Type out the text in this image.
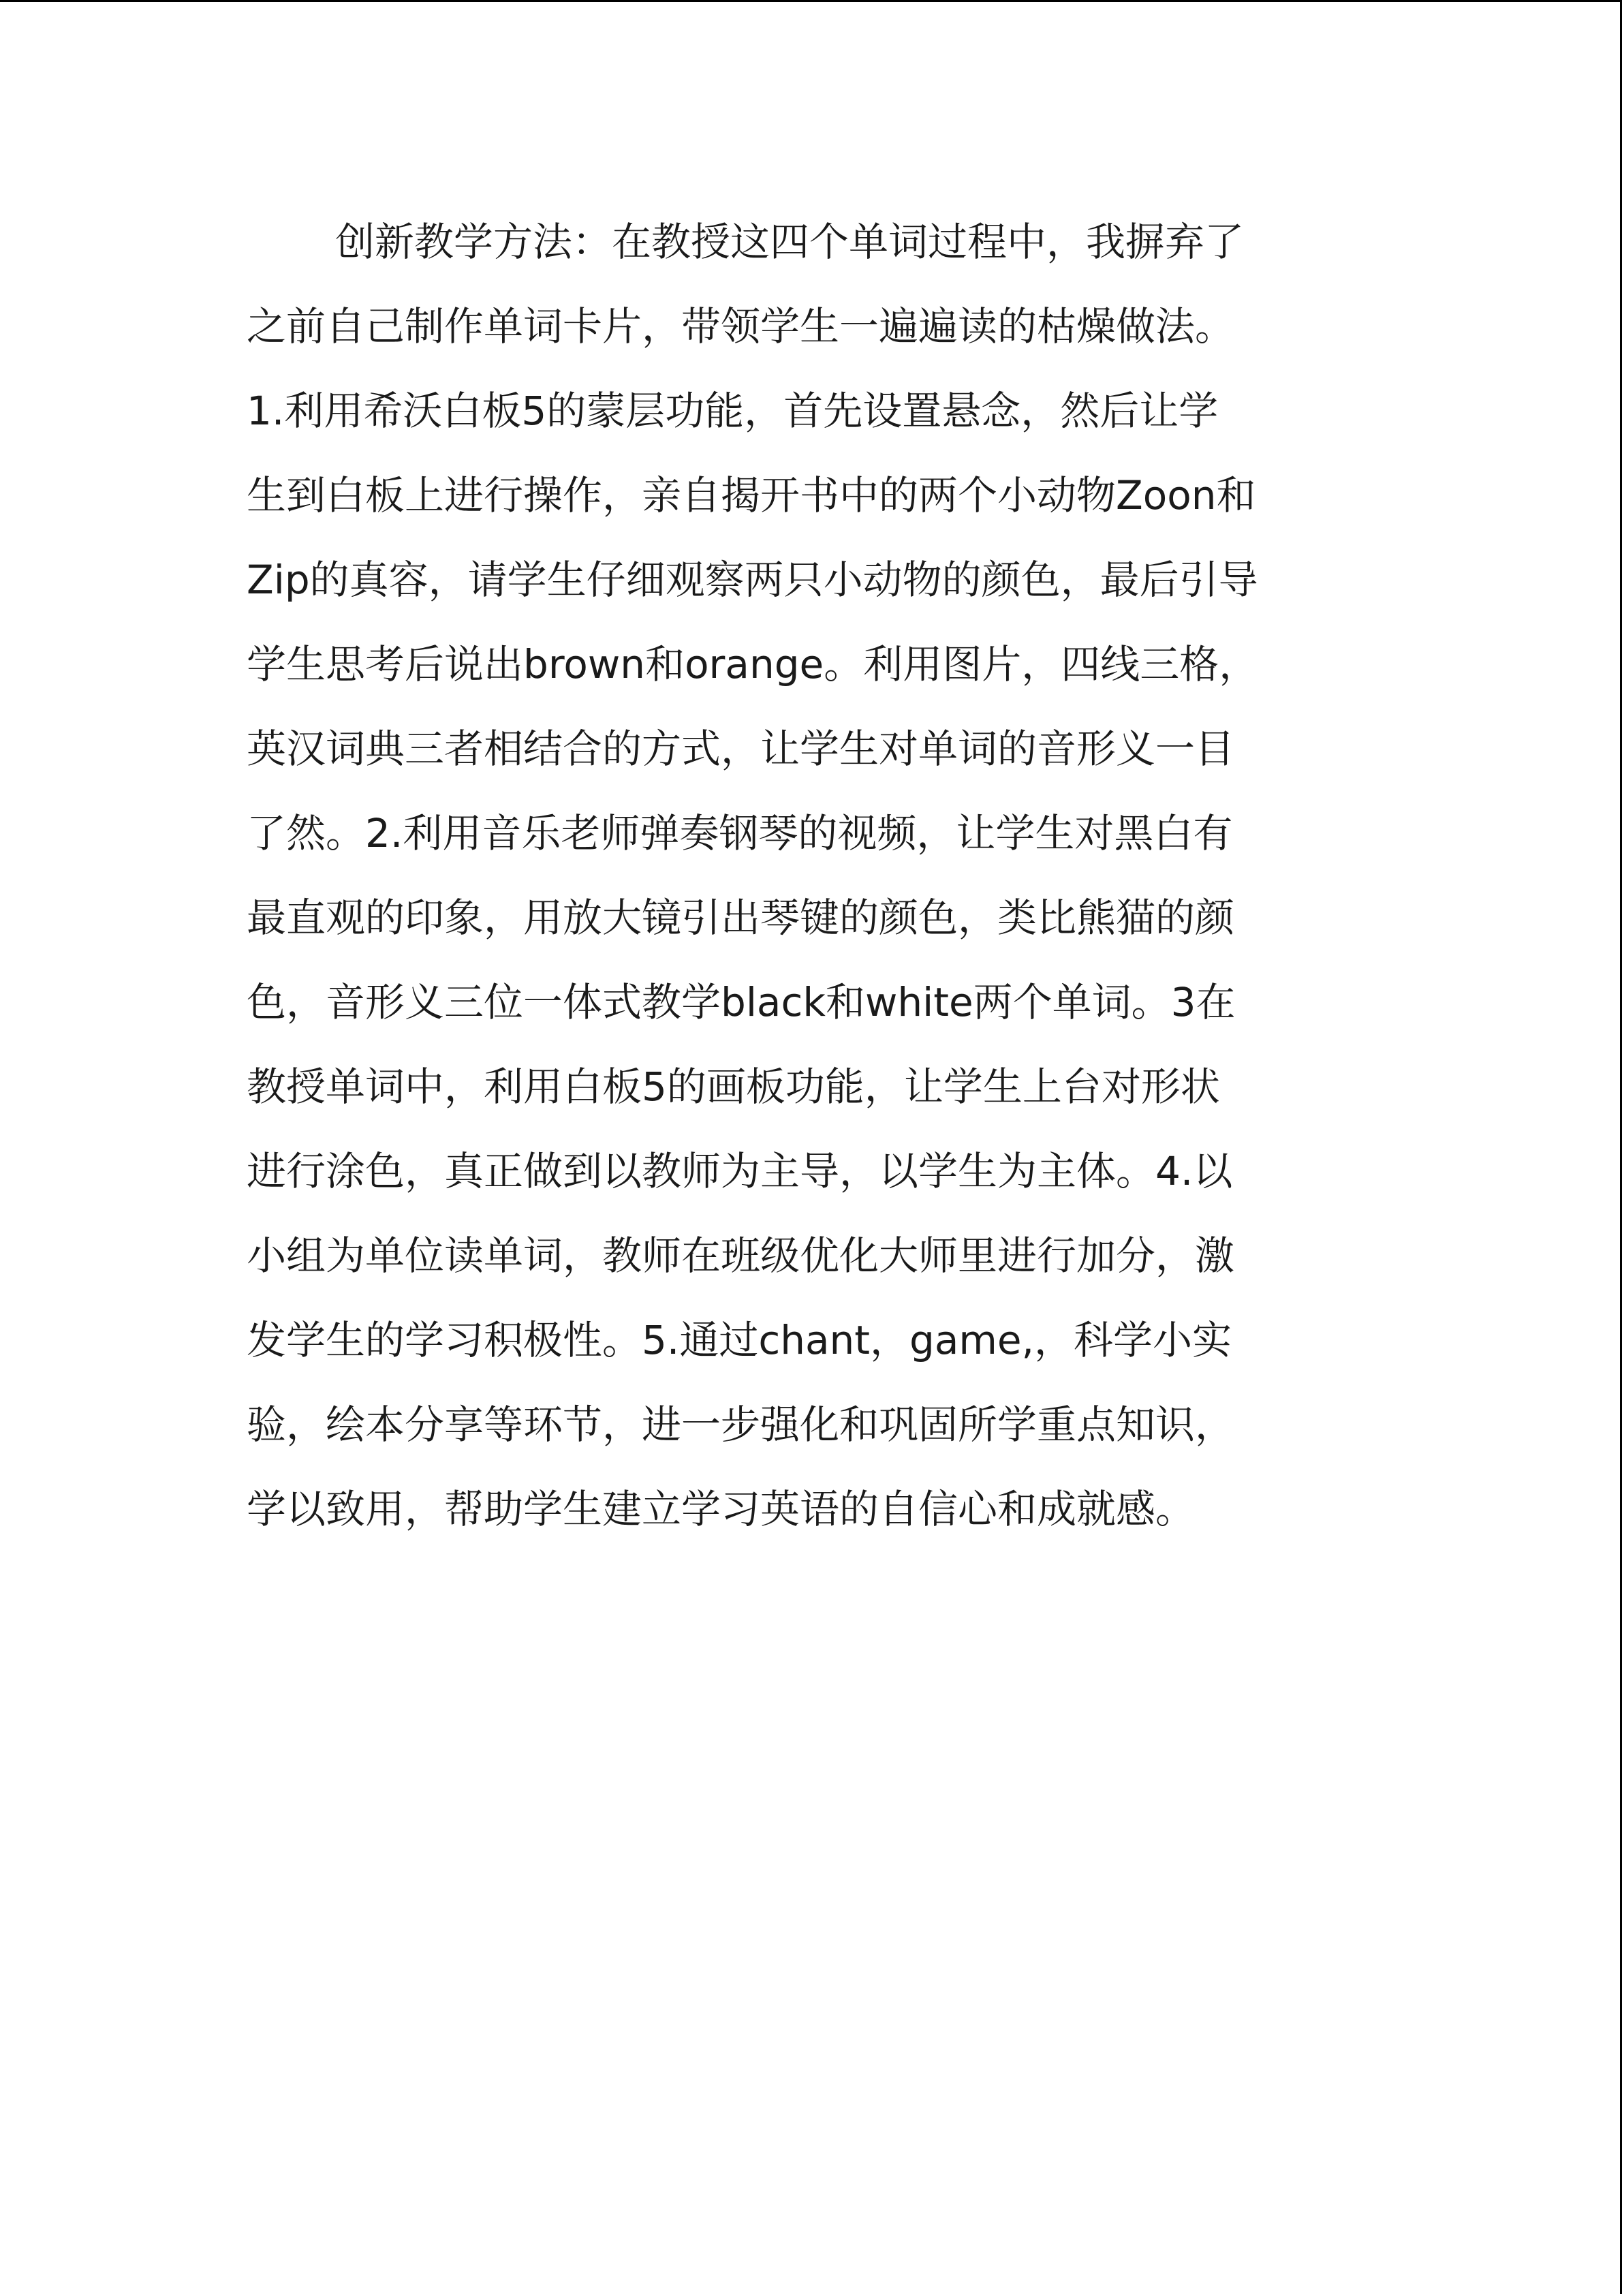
创新教学方法：在教授这四个单词过程中，我摒弃了
之前自己制作单词卡片，带领学生一遍遍读的枯燥做法。
1.利用希沃白板5的蒙层功能，首先设置悬念，然后让学
生到白板上进行操作，亲自揭开书中的两个小动物Zoon和
Zip的真容，请学生仔细观察两只小动物的颜色，最后引导
学生思考后说出brown和orange。利用图片，四线三格，
英汉词典三者相结合的方式，让学生对单词的音形义一目
了然。2.利用音乐老师弹奏钢琴的视频，让学生对黑白有
最直观的印象，用放大镜引出琴键的颜色，类比熊猫的颜
色，音形义三位一体式教学black和white两个单词。3在
教授单词中，利用白板5的画板功能，让学生上台对形状
进行涂色，真正做到以教师为主导，以学生为主体。4.以
小组为单位读单词，教师在班级优化大师里进行加分，激
发学生的学习积极性。5.通过chant，game,，科学小实
验，绘本分享等环节，进一步强化和巩固所学重点知识，
学以致用，帮助学生建立学习英语的自信心和成就感。
